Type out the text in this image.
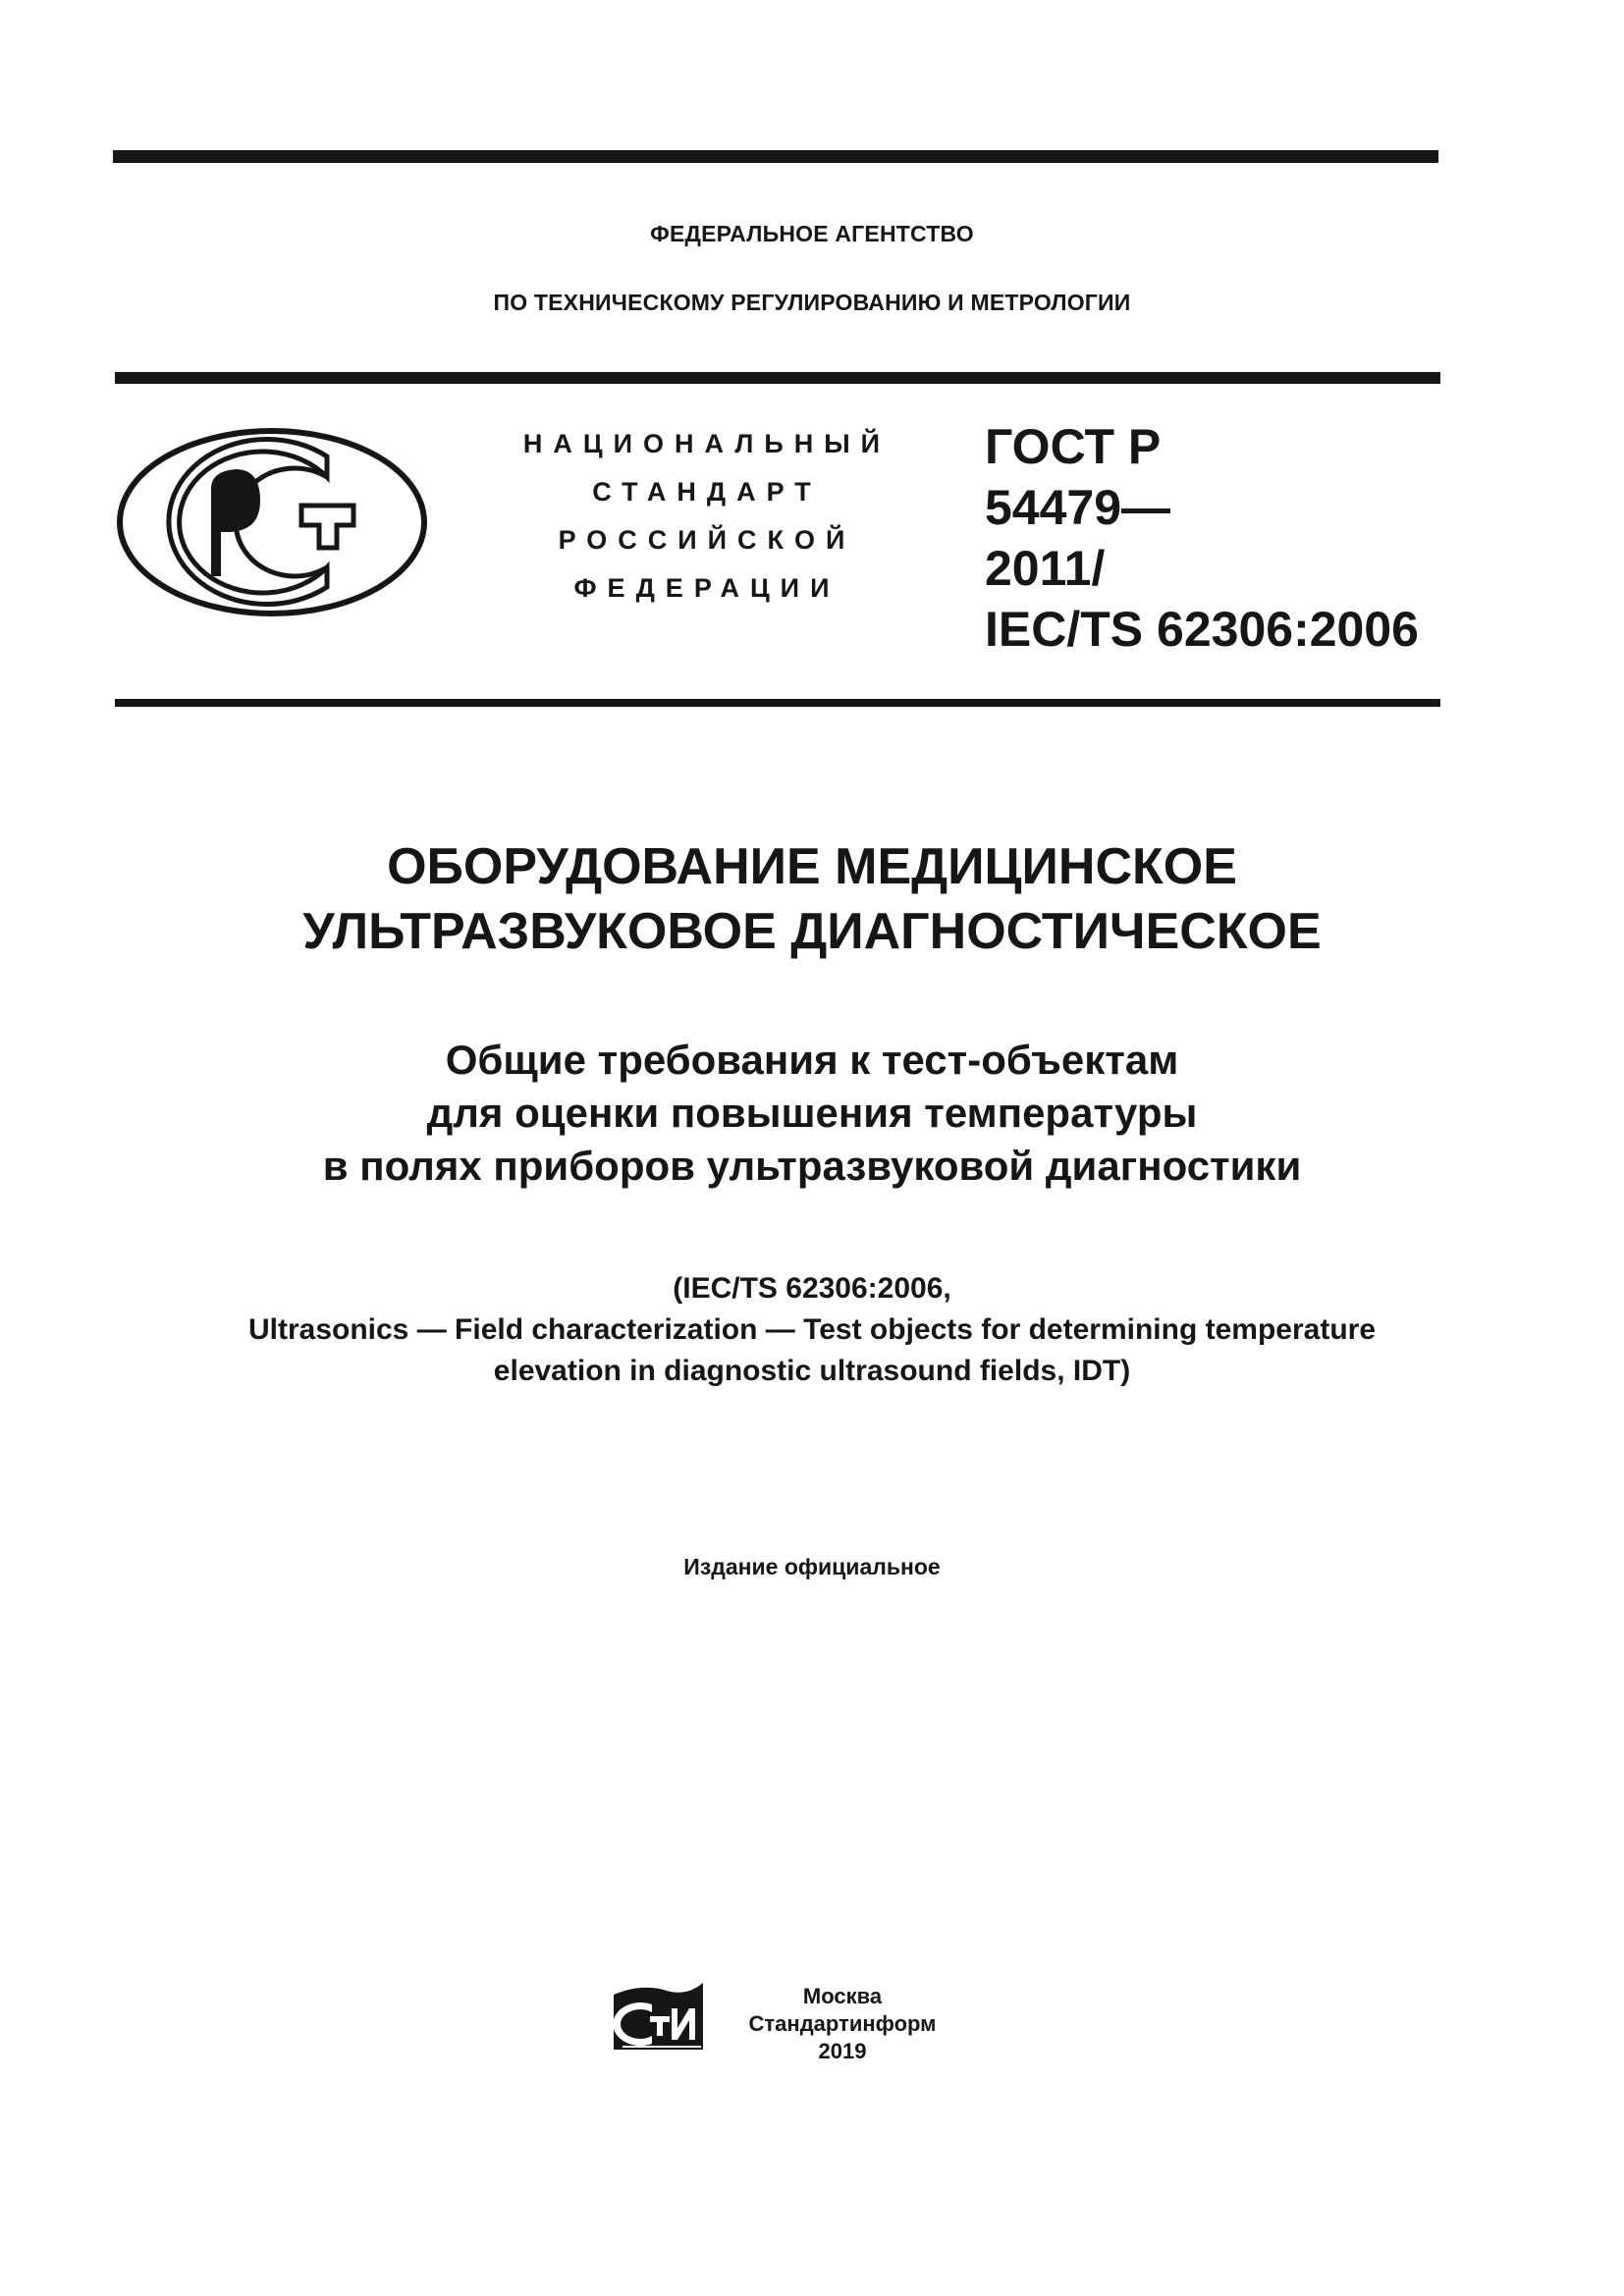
ФЕДЕРАЛЬНОЕ АГЕНТСТВО
ПО ТЕХНИЧЕСКОМУ РЕГУЛИРОВАНИЮ И МЕТРОЛОГИИ
НАЦИОНАЛЬНЫЙ
СТАНДАРТ
РОССИЙСКОЙ
ФЕДЕРАЦИИ
ГОСТ Р
54479—
2011/
IEC/TS 62306:2006
ОБОРУДОВАНИЕ МЕДИЦИНСКОЕ
УЛЬТРАЗВУКОВОЕ ДИАГНОСТИЧЕСКОЕ
Общие требования к тест-объектам
для оценки повышения температуры
в полях приборов ультразвуковой диагностики
(IEC/TS 62306:2006,
Ultrasonics — Field characterization — Test objects for determining temperature
elevation in diagnostic ultrasound fields, IDT)
Издание официальное
Москва
Стандартинформ
2019
